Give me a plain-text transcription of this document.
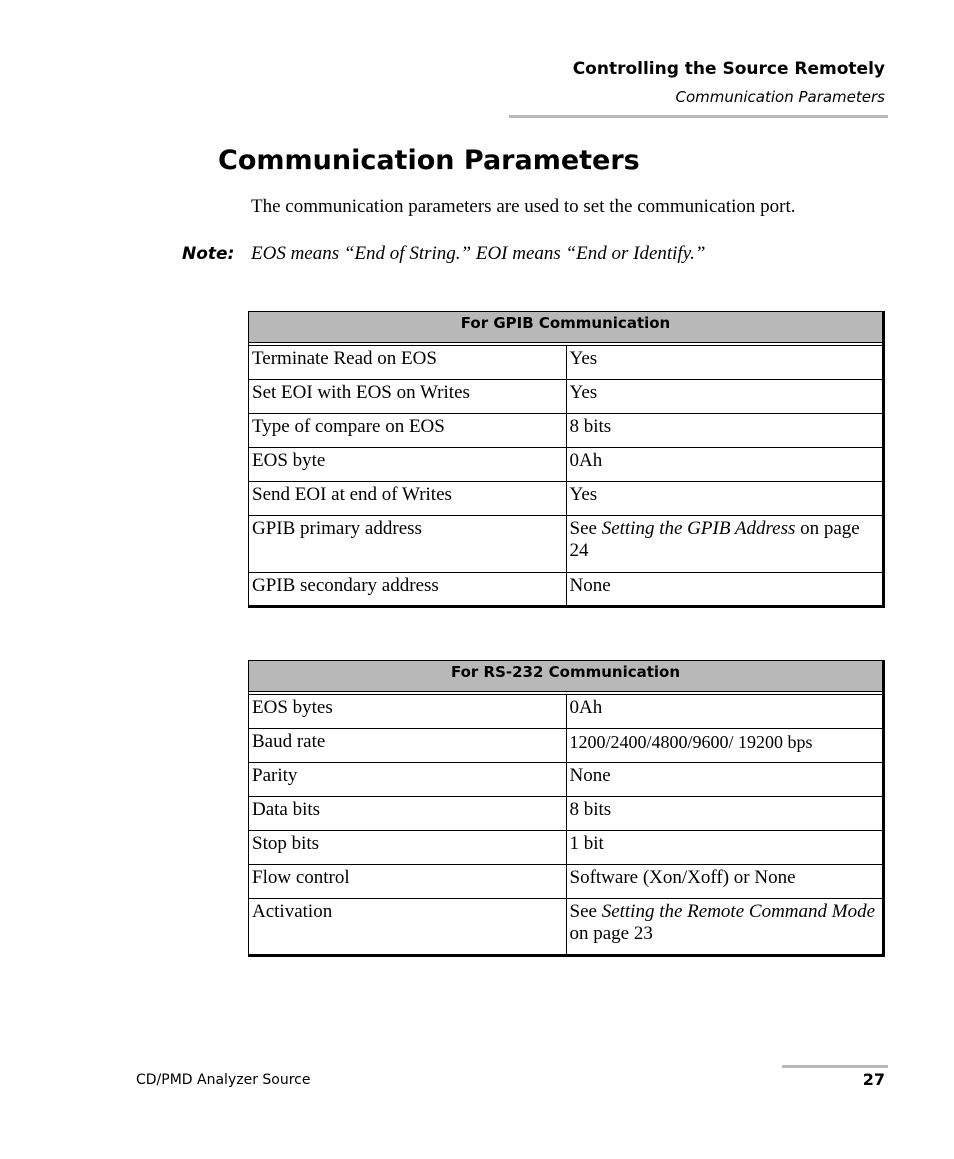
Controlling the Source Remotely
Communication Parameters
Communication Parameters
The communication parameters are used to set the communication port.
Note: EOS means “End of String.” EOI means “End or Identify.”
For GPIB Communication	

Terminate Read on EOS	Yes
Set EOI with EOS on Writes	Yes
Type of compare on EOS	8 bits
EOS byte	0Ah
Send EOI at end of Writes	Yes
GPIB primary address	See Setting the GPIB Address on page 24
GPIB secondary address	None
For RS-232 Communication	

EOS bytes	0Ah
Baud rate	1200/2400/4800/9600/ 19200 bps
Parity	None
Data bits	8 bits
Stop bits	1 bit
Flow control	Software (Xon/Xoff) or None
Activation	See Setting the Remote Command Mode on page 23
CD/PMD Analyzer Source	27
